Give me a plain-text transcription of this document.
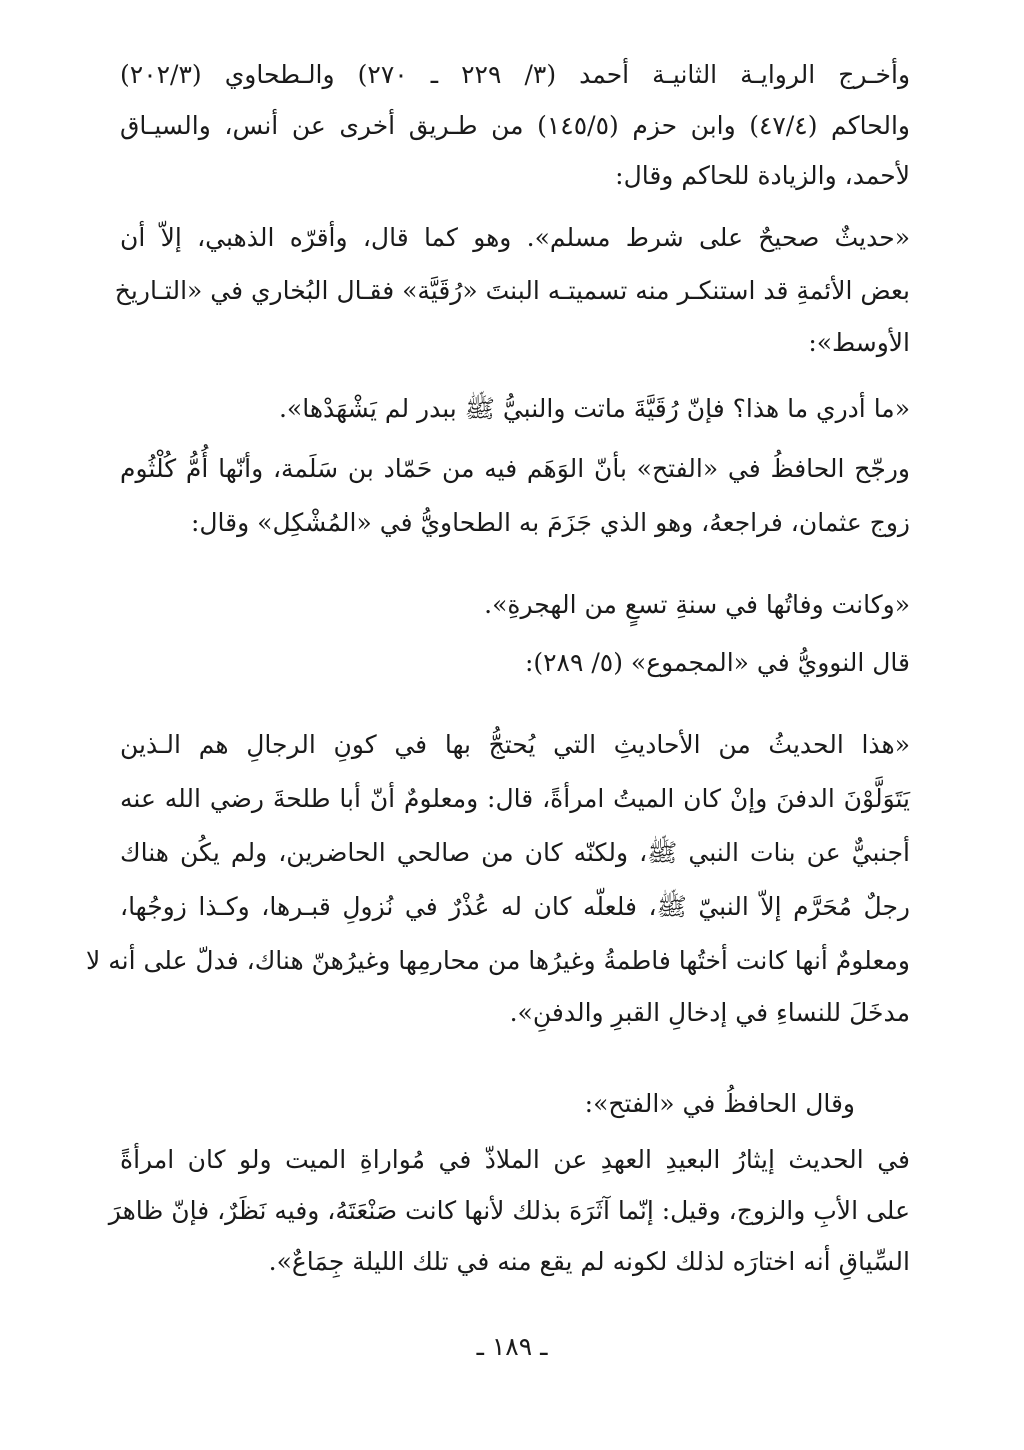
وأخـرج الروايـة الثانيـة أحمد (٣/ ٢٢٩ ـ ٢٧٠) والـطحاوي (٢٠٢/٣)
والحاكم (٤٧/٤) وابن حزم (١٤٥/٥) من طـريق أخرى عن أنس، والسيـاق
لأحمد، والزيادة للحاكم وقال:
«حديثٌ صحيحٌ على شرط مسلم». وهو كما قال، وأقرّه الذهبي، إلاّ أن
بعض الأئمةِ قد استنكـر منه تسميتـه البنتَ «رُقَيَّة» فقـال البُخاري في «التـاريخ
الأوسط»:
«ما أدري ما هذا؟ فإنّ رُقَيَّةَ ماتت والنبيُّ ﷺ ببدر لم يَشْهَدْها».
ورجّح الحافظُ في «الفتح» بأنّ الوَهَم فيه من حَمّاد بن سَلَمة، وأنّها أُمُّ كُلْثُوم
زوج عثمان، فراجعهُ، وهو الذي جَزَمَ به الطحاويُّ في «المُشْكِل» وقال:
«وكانت وفاتُها في سنةِ تسعٍ من الهجرةِ».
قال النوويُّ في «المجموع» (٥/ ٢٨٩):
«هذا الحديثُ من الأحاديثِ التي يُحتجُّ بها في كونِ الرجالِ هم الـذين
يَتَوَلَّوْنَ الدفنَ وإنْ كان الميتُ امرأةً، قال: ومعلومٌ أنّ أبا طلحةَ رضي الله عنه
أجنبيٌّ عن بنات النبي ﷺ، ولكنّه كان من صالحي الحاضرين، ولم يكُن هناك
رجلٌ مُحَرَّم إلاّ النبيّ ﷺ، فلعلّه كان له عُذْرٌ في نُزولِ قبـرها، وكـذا زوجُها،
ومعلومٌ أنها كانت أختُها فاطمةُ وغيرُها من محارمِها وغيرُهنّ هناك، فدلّ على أنه لا
مدخَلَ للنساءِ في إدخالِ القبرِ والدفنِ».
وقال الحافظُ في «الفتح»:
في الحديث إيثارُ البعيدِ العهدِ عن الملاذّ في مُواراةِ الميت ولو كان امرأةً
على الأبِ والزوج، وقيل: إنّما آثَرَهَ بذلك لأنها كانت صَنْعَتَهُ، وفيه نَظَرٌ، فإنّ ظاهرَ
السِّياقِ أنه اختارَه لذلك لكونه لم يقع منه في تلك الليلة جِمَاعٌ».
ـ ١٨٩ ـ
